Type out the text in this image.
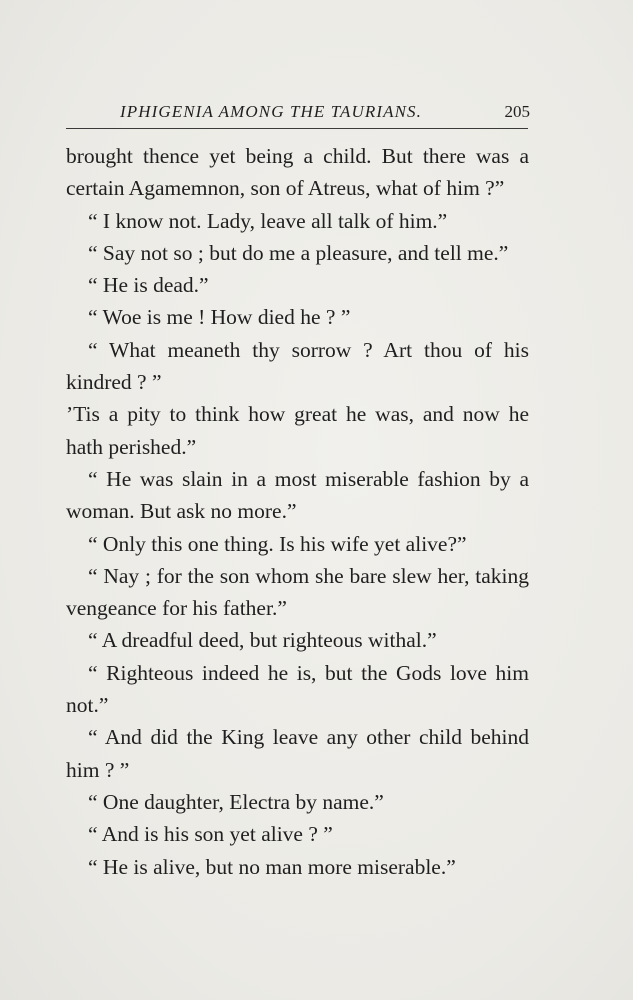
IPHIGENIA AMONG THE TAURIANS.	205

brought thence yet being a child. But there was a certain Agamemnon, son of Atreus, what of him ?”

“ I know not. Lady, leave all talk of him.”

“ Say not so ; but do me a pleasure, and tell me.”

“ He is dead.”

“ Woe is me ! How died he ? ”

“ What meaneth thy sorrow ? Art thou of his kindred ? ”

’Tis a pity to think how great he was, and now he hath perished.”

“ He was slain in a most miserable fashion by a woman. But ask no more.”

“ Only this one thing. Is his wife yet alive?”

“ Nay ; for the son whom she bare slew her, taking vengeance for his father.”

“ A dreadful deed, but righteous withal.”

“ Righteous indeed he is, but the Gods love him not.”

“ And did the King leave any other child behind him ? ”

“ One daughter, Electra by name.”

“ And is his son yet alive ? ”

“ He is alive, but no man more miserable.”
